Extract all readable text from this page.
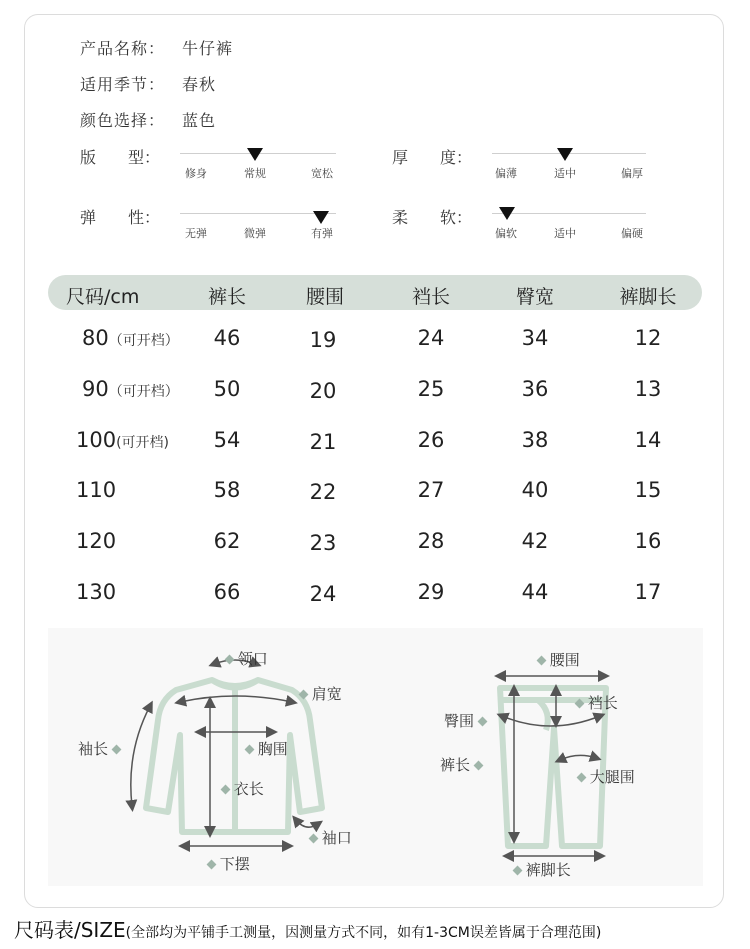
产品名称： 牛仔裤
适用季节： 春秋
颜色选择： 蓝色
版　　型：
修身	常规	宽松
厚　　度：
偏薄	适中	偏厚
弹　　性：
无弹	微弹	有弹
柔　　软：
偏软	适中	偏硬
尺码/cm	裤长	腰围	裆长	臀宽	裤脚长
80（可开档）	46	19	24	34	12
90（可开档）	50	20	25	36	13
100(可开档)	54	21	26	38	14
110	58	22	27	40	15
120	62	23	28	42	16
130	66	24	29	44	17
领口
肩宽
袖长	胸围
衣长
袖口
下摆
腰围
裆长
臀围
裤长
大腿围
裤脚长
尺码表/SIZE(全部均为平铺手工测量，因测量方式不同，如有1-3CM误差皆属于合理范围)
